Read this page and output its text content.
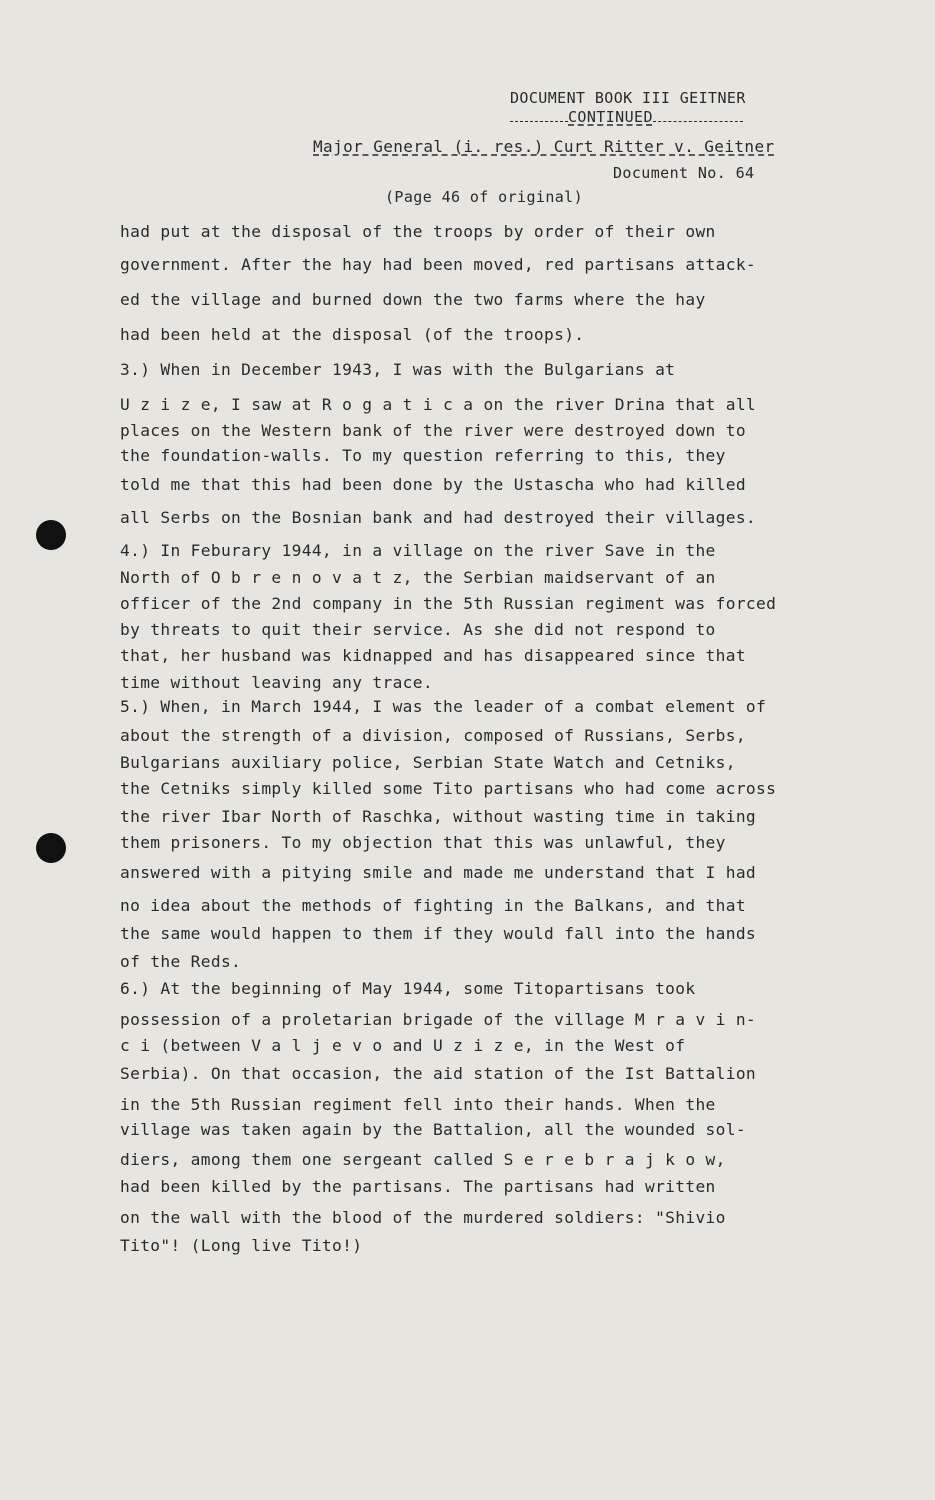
DOCUMENT BOOK III GEITNER
CONTINUED
Major General (i. res.) Curt Ritter v. Geitner
Document No. 64
(Page 46 of original)
had put at the disposal of the troops by order of their own
government. After the hay had been moved, red partisans attack-
ed the village and burned down the two farms where the hay
had been held at the disposal (of the troops).
3.) When in December 1943, I was with the Bulgarians at
U z i z e, I saw at R o g a t i c a on the river Drina that all
places on the Western bank of the river were destroyed down to
the foundation-walls. To my question referring to this, they
told me that this had been done by the Ustascha who had killed
all Serbs on the Bosnian bank and had destroyed their villages.
4.) In Feburary 1944, in a village on the river Save in the
North of O b r e n o v a t z, the Serbian maidservant of an
officer of the 2nd company in the 5th Russian regiment was forced
by threats to quit their service. As she did not respond to
that, her husband was kidnapped and has disappeared since that
time without leaving any trace.
5.) When, in March 1944, I was the leader of a combat element of
about the strength of a division, composed of Russians, Serbs,
Bulgarians auxiliary police, Serbian State Watch and Cetniks,
the Cetniks simply killed some Tito partisans who had come across
the river Ibar North of Raschka, without wasting time in taking
them prisoners. To my objection that this was unlawful, they
answered with a pitying smile and made me understand that I had
no idea about the methods of fighting in the Balkans, and that
the same would happen to them if they would fall into the hands
of the Reds.
6.) At the beginning of May 1944, some Titopartisans took
possession of a proletarian brigade of the village M r a v i n-
c i (between V a l j e v o and U z i z e, in the West of
Serbia). On that occasion, the aid station of the Ist Battalion
in the 5th Russian regiment fell into their hands. When the
village was taken again by the Battalion, all the wounded sol-
diers, among them one sergeant called S e r e b r a j k o w,
had been killed by the partisans. The partisans had written
on the wall with the blood of the murdered soldiers: "Shivio
Tito"! (Long live Tito!)
